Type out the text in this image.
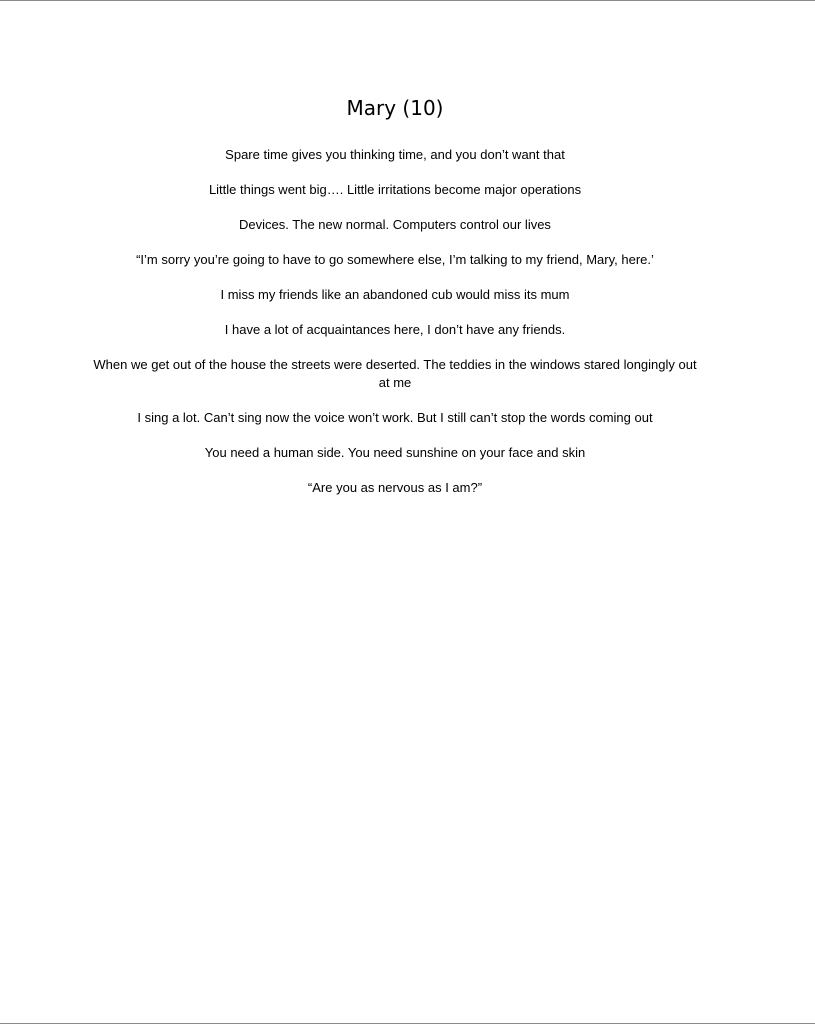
Mary (10)
Spare time gives you thinking time, and you don’t want that
Little things went big…. Little irritations become major operations
Devices. The new normal. Computers control our lives
“I’m sorry you’re going to have to go somewhere else, I’m talking to my friend, Mary, here.’
I miss my friends like an abandoned cub would miss its mum
I have a lot of acquaintances here, I don’t have any friends.
When we get out of the house the streets were deserted. The teddies in the windows stared longingly out at me
I sing a lot. Can’t sing now the voice won’t work. But I still can’t stop the words coming out
You need a human side. You need sunshine on your face and skin
“Are you as nervous as I am?”
